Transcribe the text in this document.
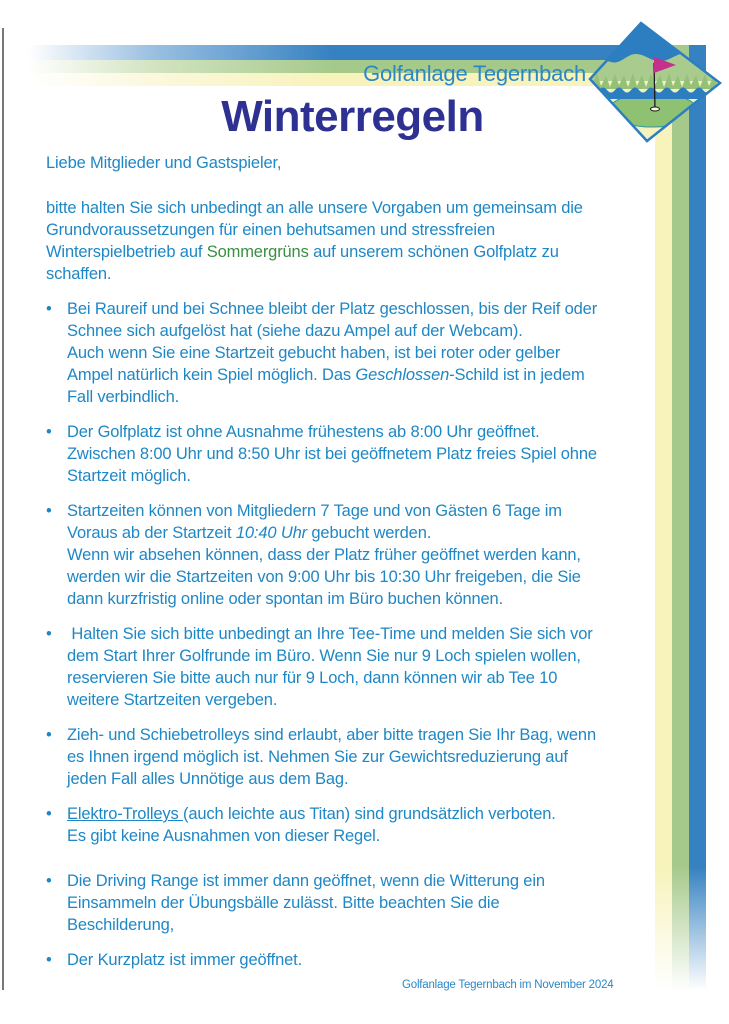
Golfanlage Tegernbach
Winterregeln
Liebe Mitglieder und Gastspieler,
bitte halten Sie sich unbedingt an alle unsere Vorgaben um gemeinsam die
Grundvoraussetzungen für einen behutsamen und stressfreien
Winterspielbetrieb auf Sommergrüns auf unserem schönen Golfplatz zu
schaffen.
• Bei Raureif und bei Schnee bleibt der Platz geschlossen, bis der Reif oder
Schnee sich aufgelöst hat (siehe dazu Ampel auf der Webcam).
Auch wenn Sie eine Startzeit gebucht haben, ist bei roter oder gelber
Ampel natürlich kein Spiel möglich. Das Geschlossen-Schild ist in jedem
Fall verbindlich.
• Der Golfplatz ist ohne Ausnahme frühestens ab 8:00 Uhr geöffnet.
Zwischen 8:00 Uhr und 8:50 Uhr ist bei geöffnetem Platz freies Spiel ohne
Startzeit möglich.
• Startzeiten können von Mitgliedern 7 Tage und von Gästen 6 Tage im
Voraus ab der Startzeit 10:40 Uhr gebucht werden.
Wenn wir absehen können, dass der Platz früher geöffnet werden kann,
werden wir die Startzeiten von 9:00 Uhr bis 10:30 Uhr freigeben, die Sie
dann kurzfristig online oder spontan im Büro buchen können.
• Halten Sie sich bitte unbedingt an Ihre Tee-Time und melden Sie sich vor
dem Start Ihrer Golfrunde im Büro. Wenn Sie nur 9 Loch spielen wollen,
reservieren Sie bitte auch nur für 9 Loch, dann können wir ab Tee 10
weitere Startzeiten vergeben.
• Zieh- und Schiebetrolleys sind erlaubt, aber bitte tragen Sie Ihr Bag, wenn
es Ihnen irgend möglich ist. Nehmen Sie zur Gewichtsreduzierung auf
jeden Fall alles Unnötige aus dem Bag.
• Elektro-Trolleys (auch leichte aus Titan) sind grundsätzlich verboten.
Es gibt keine Ausnahmen von dieser Regel.
• Die Driving Range ist immer dann geöffnet, wenn die Witterung ein
Einsammeln der Übungsbälle zulässt. Bitte beachten Sie die
Beschilderung,
• Der Kurzplatz ist immer geöffnet.
Golfanlage Tegernbach im November 2024
